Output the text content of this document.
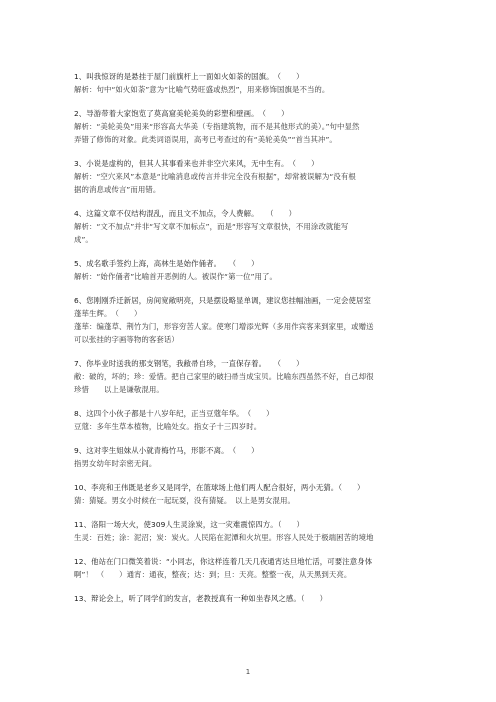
1、叫我惊讶的是悬挂于屋门前旗杆上一面如火如荼的国旗。　（　　）
解析：句中“如火如荼”意为“比喻气势旺盛或热烈”，用来修饰国旗是不当的。
2、导游带着大家饱览了莫高窟美轮美奂的彩塑和壁画。　（　　）
解析：“美轮美奂”用来“形容高大华美（专指建筑物，而不是其他形式的美）。”句中显然
弄错了修饰的对象。此类词语误用，高考已考查过的有“美轮美奂”“首当其冲”。
3、小说是虚构的，但其人其事看来也并非空穴来风，无中生有。　（　　）
解析：“空穴来风”本意是“比喻消息或传言并非完全没有根据”，却常被误解为“没有根
据的消息或传言”而用错。
4、这篇文章不仅结构混乱，而且文不加点，令人费解。　　（　　）
解析：“文不加点”并非“写文章不加标点”，而是“形容写文章很快，不用涂改就能写
成”。
5、成名歌手签约上海，高林生是始作俑者。　　（　　）
解析：“始作俑者”比喻首开恶例的人。被误作“第一位”用了。
6、您刚刚乔迁新居，房间宽敞明亮，只是摆设略显单调，建议您挂幅油画，一定会使居室
蓬荜生辉。　（　　）
蓬荜：编蓬草、荆竹为门，形容穷苦人家。使寒门增添光辉（多用作宾客来到家里，或赠送
可以张挂的字画等物的客套话）
7、你毕业时送我的那支钢笔，我敝帚自珍，一直保存着。　　（　　）
敝：破的，坏的；珍：爱惜。把自己家里的破扫帚当成宝贝。比喻东西虽然不好，自己却很
珍惜　　以上是谦敬混用。
8、这四个小伙子都是十八岁年纪，正当豆蔻年华。　（　　）
豆蔻：多年生草本植物，比喻处女。指女子十三四岁时。
9、这对孪生姐妹从小就青梅竹马，形影不离。　（　　）
指男女幼年时亲密无间。
10、李亮和王伟既是老乡又是同学，在篮球场上他们两人配合很好，两小无猜。（　　）
猜：猜疑。男女小时候在一起玩耍，没有猜疑。　以上是男女混用。
11、洛阳一场大火，使309人生灵涂炭，这一灾难震惊四方。（　　）
生灵：百姓；涂：泥沼；炭：炭火。人民陷在泥潭和火坑里。形容人民处于极端困苦的境地
12、他站在门口微笑着说：“小同志，你这样连着几天几夜通宵达旦地忙活，可要注意身体
啊”！　（　　）通宵：通夜，整夜；达：到；旦：天亮。整整一夜，从天黑到天亮。
13、辩论会上，听了同学们的发言，老教授真有一种如坐春风之感。（　　）
1
